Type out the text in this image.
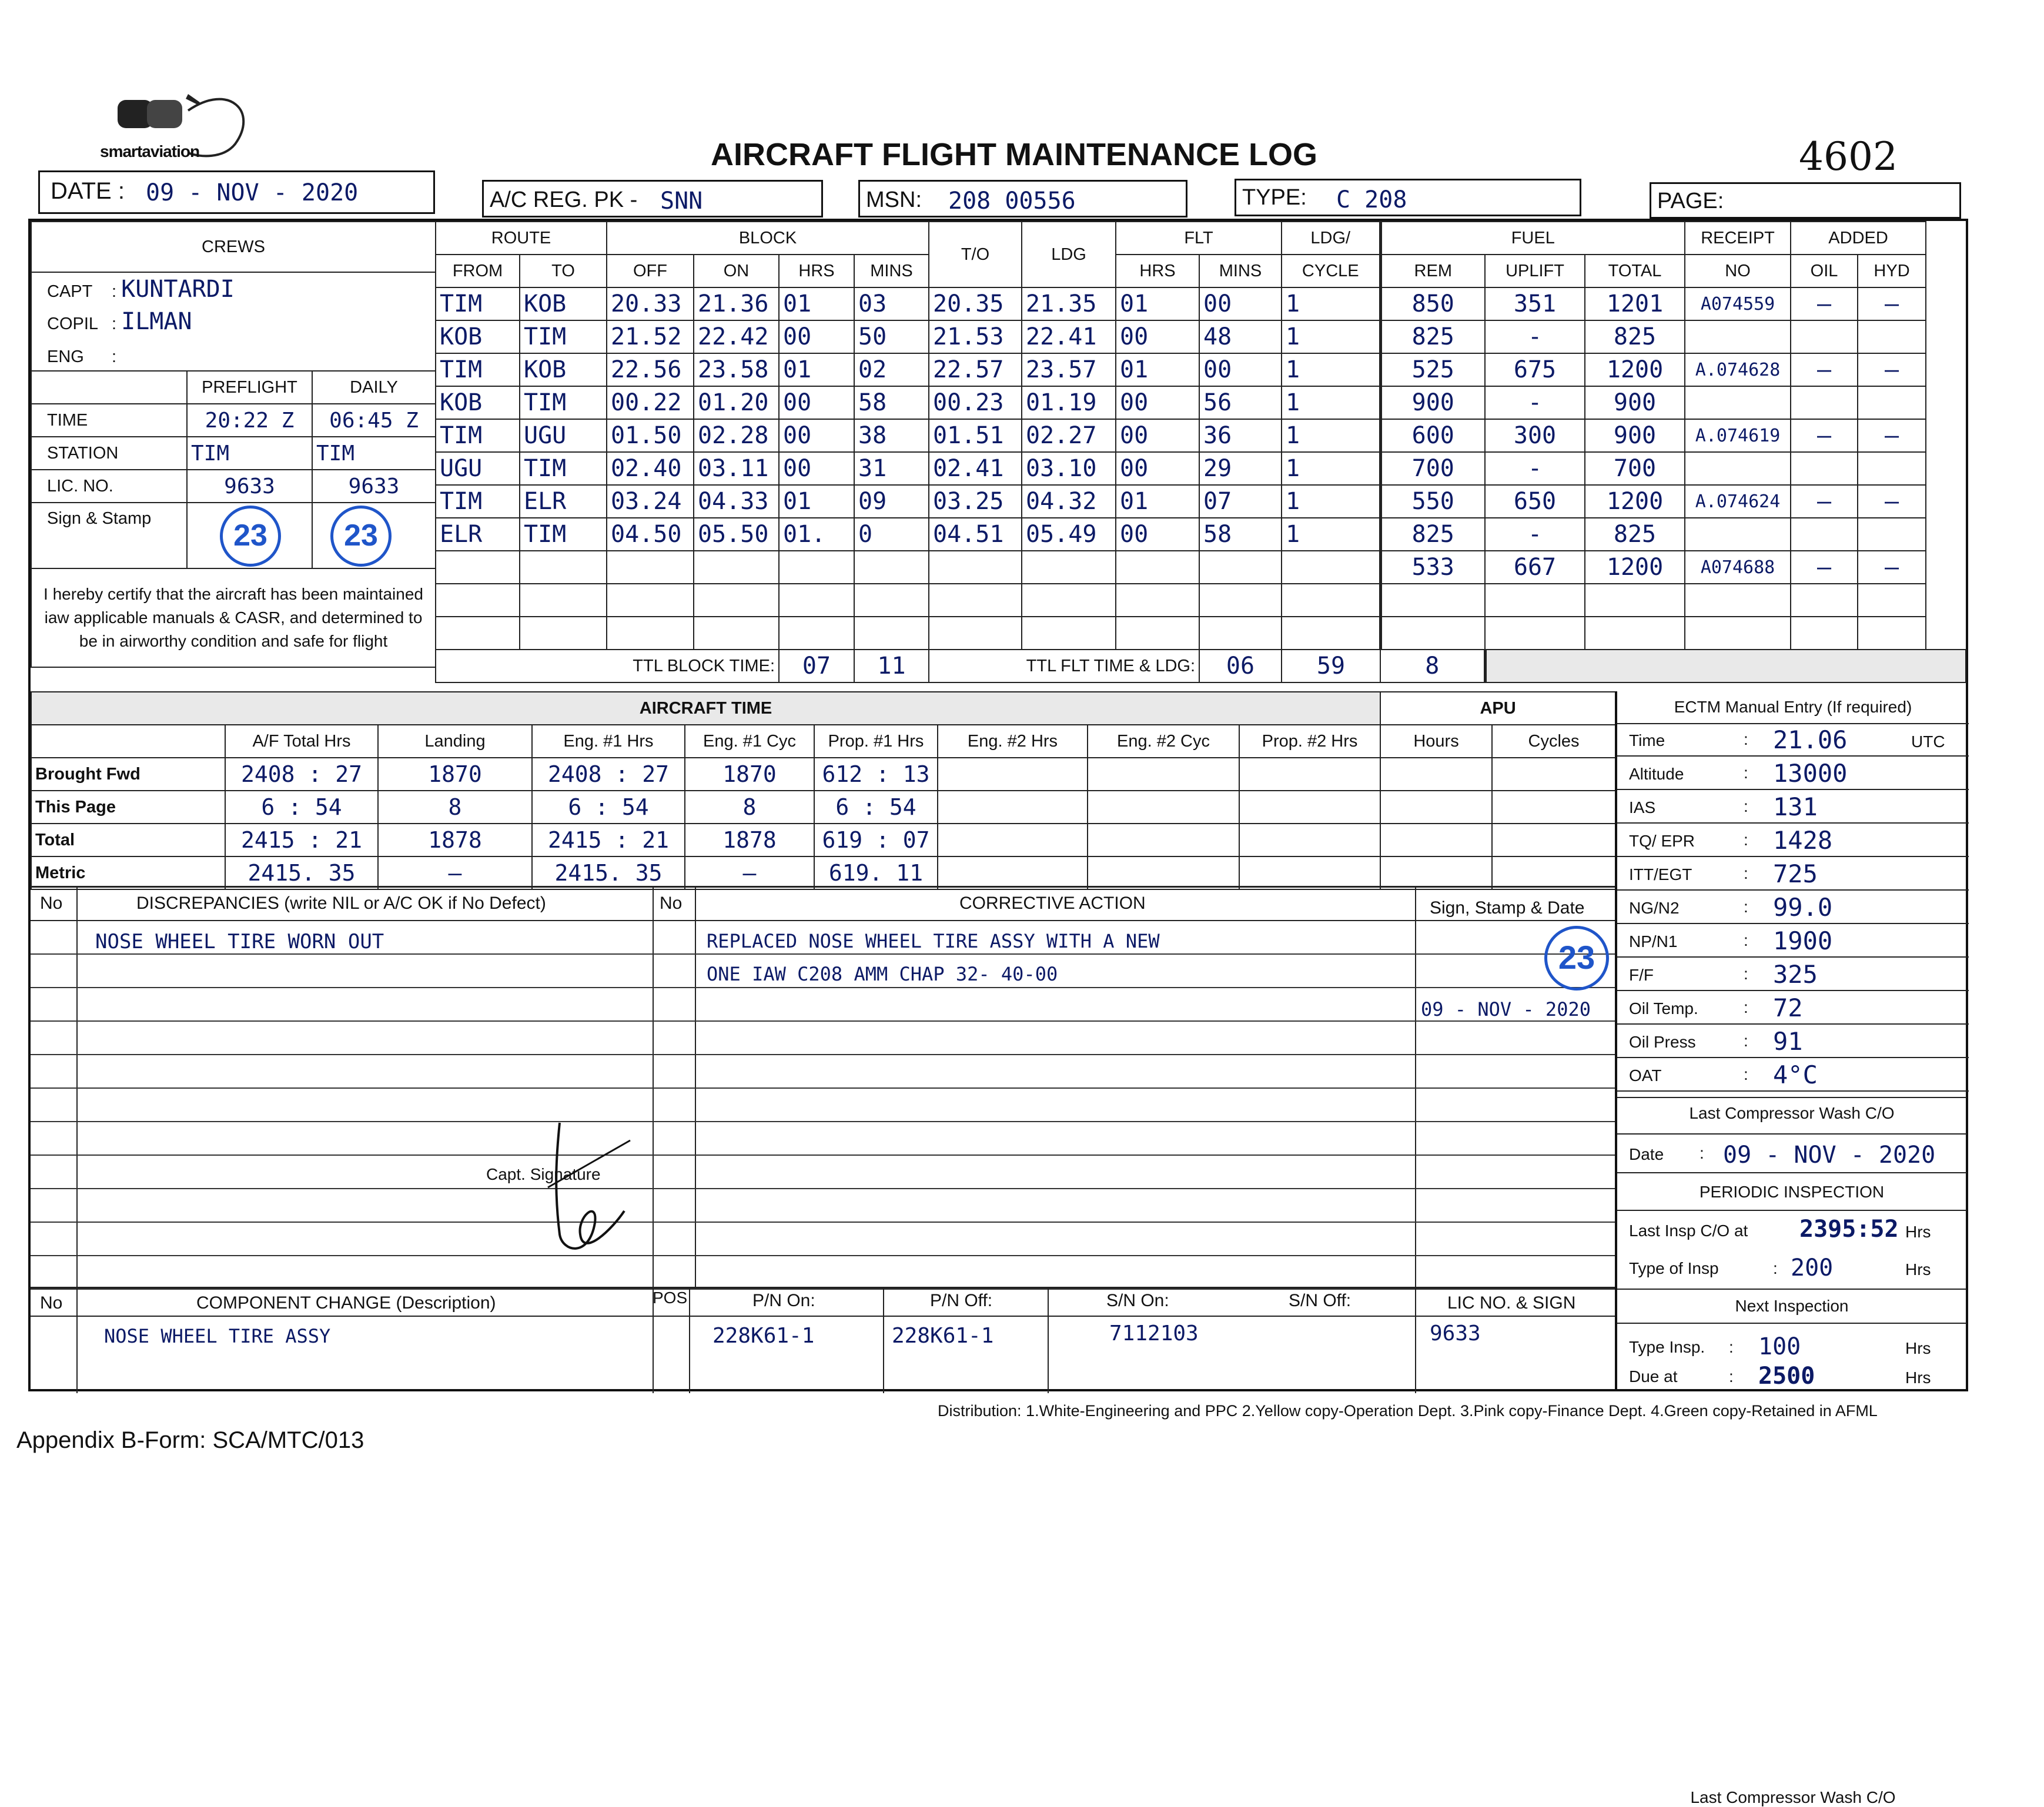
smartaviation	AIRCRAFT FLIGHT MAINTENANCE LOG	4602
DATE : 09 - NOV - 2020	A/C REG. PK - SNN	MSN: 208 00556	TYPE: C 208	PAGE:
CREWS		
CAPT : KUNTARDI		
COPIL : ILMAN		
ENG :		
	PREFLIGHT	DAILY
TIME	20:22 Z	06:45 Z
STATION	TIM	TIM
LIC. NO.	9633	9633
Sign & Stamp	23	23

I hereby certify that the aircraft has been maintained iaw applicable manuals & CASR, and determined to be in airworthy condition and safe for flight		
ROUTE		BLOCK				T/O	LDG	FLT		LDG/	FUEL			RECEIPT	ADDED	
FROM	TO	OFF	ON	HRS	MINS			HRS	MINS	CYCLE	REM	UPLIFT	TOTAL	NO	OIL	HYD
TIM	KOB	20.33	21.36	01	03	20.35	21.35	01	00	1	850	351	1201	A074559	—	—
KOB	TIM	21.52	22.42	00	50	21.53	22.41	00	48	1	825	-	825			
TIM	KOB	22.56	23.58	01	02	22.57	23.57	01	00	1	525	675	1200	A.074628	—	—
KOB	TIM	00.22	01.20	00	58	00.23	01.19	00	56	1	900	-	900			
TIM	UGU	01.50	02.28	00	38	01.51	02.27	00	36	1	600	300	900	A.074619	—	—
UGU	TIM	02.40	03.11	00	31	02.41	03.10	00	29	1	700	-	700			
TIM	ELR	03.24	04.33	01	09	03.25	04.32	01	07	1	550	650	1200	A.074624	—	—
ELR	TIM	04.50	05.50	01.	0	04.51	05.49	00	58	1	825	-	825			
											533	667	1200	A074688	—	—

TTL BLOCK TIME:				07	11	TTL FLT TIME & LDG:			06	59	8					
AIRCRAFT TIME									APU	
	A/F Total Hrs	Landing	Eng. #1 Hrs	Eng. #1 Cyc	Prop. #1 Hrs	Eng. #2 Hrs	Eng. #2 Cyc	Prop. #2 Hrs	Hours	Cycles
Brought Fwd	2408 : 27	1870	2408 : 27	1870	612 : 13					
This Page	6 : 54	8	6 : 54	8	6 : 54					
Total	2415 : 21	1878	2415 : 21	1878	619 : 07					
Metric	2415. 35	—	2415. 35	—	619. 11					
ECTM Manual Entry (If required)
Time	: 21.06	UTC
Altitude	: 13000
IAS	: 131
TQ/ EPR	: 1428
ITT/EGT	: 725
NG/N2	: 99.0
NP/N1	: 1900
F/F	: 325
Oil Temp.	: 72
Oil Press	: 91
OAT	: 4°C
Last Compressor Wash C/O
Last Compressor Wash C/O
Date : 09 - NOV - 2020
PERIODIC INSPECTION
Last Insp C/O at 2395:52 Hrs
Type of Insp	: 200	Hrs
Next Inspection
Type Insp. : 100	Hrs
Due at	: 2500	Hrs
No	DISCREPANCIES (write NIL or A/C OK if No Defect)	No	CORRECTIVE ACTION	Sign, Stamp & Date
NOSE WHEEL TIRE WORN OUT	REPLACED NOSE WHEEL TIRE ASSY WITH A NEW
ONE IAW C208 AMM CHAP 32- 40-00	23
09 - NOV - 2020
Capt. Signature
No	COMPONENT CHANGE (Description)	POS	P/N On:	P/N Off:	S/N On:	S/N Off:	LIC NO. & SIGN
NOSE WHEEL TIRE ASSY	228K61-1	228K61-1	7112103	9633
Distribution: 1.White-Engineering and PPC 2.Yellow copy-Operation Dept. 3.Pink copy-Finance Dept. 4.Green copy-Retained in AFML
Appendix B-Form: SCA/MTC/013
